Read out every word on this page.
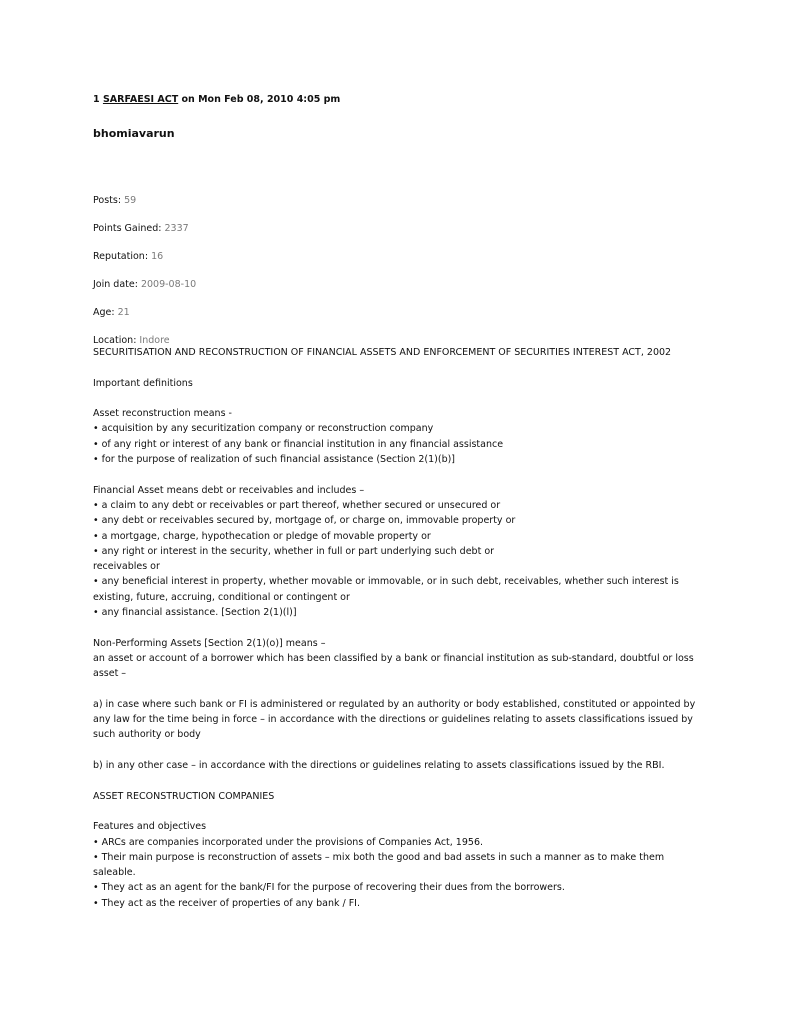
1 SARFAESI ACT on Mon Feb 08, 2010 4:05 pm
bhomiavarun
Posts: 59
Points Gained: 2337
Reputation: 16
Join date: 2009-08-10
Age: 21
Location: Indore

SECURITISATION AND RECONSTRUCTION OF FINANCIAL ASSETS AND ENFORCEMENT OF SECURITIES INTEREST ACT, 2002

Important definitions

Asset reconstruction means -

• acquisition by any securitization company or reconstruction company

• of any right or interest of any bank or financial institution in any financial assistance

• for the purpose of realization of such financial assistance (Section 2(1)(b)]

Financial Asset means debt or receivables and includes –

• a claim to any debt or receivables or part thereof, whether secured or unsecured or

• any debt or receivables secured by, mortgage of, or charge on, immovable property or

• a mortgage, charge, hypothecation or pledge of movable property or

• any right or interest in the security, whether in full or part underlying such debt or

receivables or

• any beneficial interest in property, whether movable or immovable, or in such debt, receivables, whether such interest is existing, future, accruing, conditional or contingent or

• any financial assistance. [Section 2(1)(l)]

Non-Performing Assets [Section 2(1)(o)] means –

an asset or account of a borrower which has been classified by a bank or financial institution as sub-standard, doubtful or loss asset –

a) in case where such bank or FI is administered or regulated by an authority or body established, constituted or appointed by any law for the time being in force – in accordance with the directions or guidelines relating to assets classifications issued by such authority or body

b) in any other case – in accordance with the directions or guidelines relating to assets classifications issued by the RBI.

ASSET RECONSTRUCTION COMPANIES

Features and objectives

• ARCs are companies incorporated under the provisions of Companies Act, 1956.

• Their main purpose is reconstruction of assets – mix both the good and bad assets in such a manner as to make them saleable.

• They act as an agent for the bank/FI for the purpose of recovering their dues from the borrowers.

• They act as the receiver of properties of any bank / FI.
